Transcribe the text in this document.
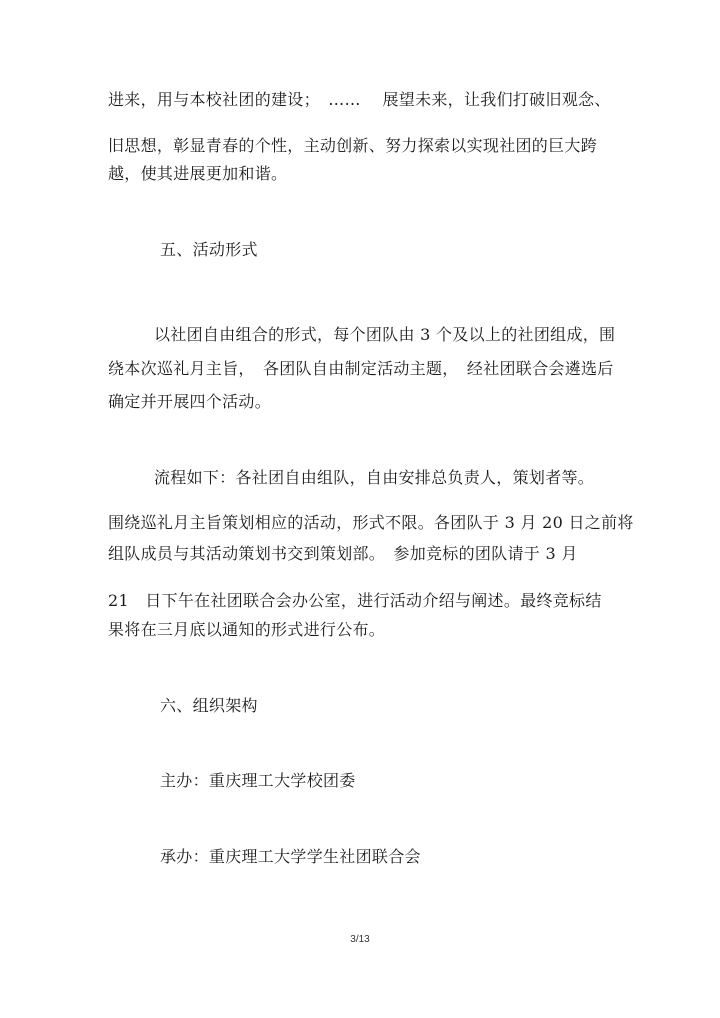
进来，用与本校社团的建设；　……　 展望未来，让我们打破旧观念、
旧思想，彰显青春的个性，主动创新、努力探索以实现社团的巨大跨
越，使其进展更加和谐。
五、活动形式
以社团自由组合的形式，每个团队由 3 个及以上的社团组成，围
绕本次巡礼月主旨，　各团队自由制定活动主题，　经社团联合会遴选后
确定并开展四个活动。
流程如下：各社团自由组队，自由安排总负责人，策划者等。
围绕巡礼月主旨策划相应的活动，形式不限。各团队于 3 月 20 日之前将
组队成员与其活动策划书交到策划部。　参加竞标的团队请于 3 月
21　日下午在社团联合会办公室，进行活动介绍与阐述。最终竞标结
果将在三月底以通知的形式进行公布。
六、组织架构
主办：重庆理工大学校团委
承办：重庆理工大学学生社团联合会
3/13
